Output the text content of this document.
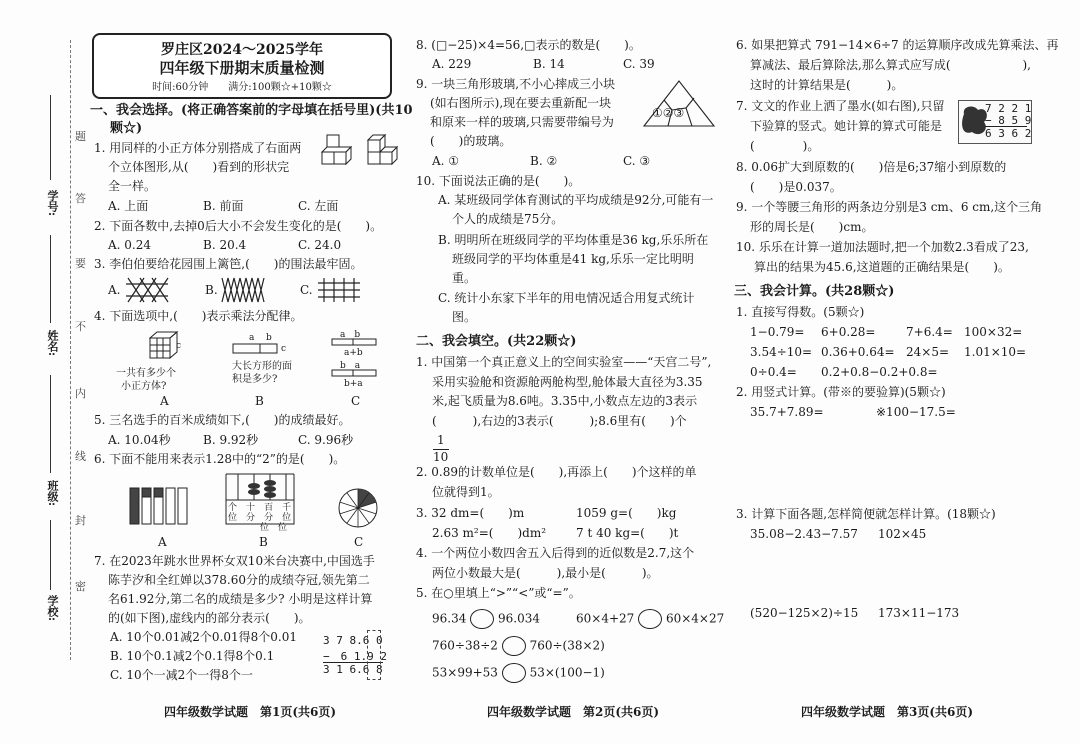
学号:
姓名:
班级:
学校:
题
答
要
不
内
线
封
密
罗庄区2024～2025学年
四年级下册期末质量检测
时间:60分钟　　满分:100颗☆+10颗☆
一、我会选择。(将正确答案前的字母填在括号里)(共10
颗☆)
1. 用同样的小正方体分别搭成了右面两
个立体图形,从(　　)看到的形状完
全一样。
A. 上面	B. 前面	C. 左面
2. 下面各数中,去掉0后大小不会发生变化的是(　　)。
A. 0.24	B. 20.4	C. 24.0
3. 李伯伯要给花园围上篱笆,(　　)的围法最牢固。
A.	B.	C.
4. 下面选项中,(　　)表示乘法分配律。
c
一共有多少个
小正方体?
a b
c
大长方形的面
积是多少?
a　b
a+b
b　a
b+a
A	B	C
5. 三名选手的百米成绩如下,(　　)的成绩最好。
A. 10.04秒	B. 9.92秒	C. 9.96秒
6. 下面不能用来表示1.28中的“2”的是(　　)。
个　 十　 百　 千
位　 分　 分　 位
位　 位
A	B	C
7. 在2023年跳水世界杯女双10米台决赛中,中国选手
陈芋汐和全红婵以378.60分的成绩夺冠,领先第二
名61.92分,第二名的成绩是多少? 小明是这样计算
的(如下图),虚线内的部分表示(　　)。
A. 10个0.01减2个0.01得8个0.01
B. 10个0.1减2个0.1得8个0.1
C. 10个一减2个一得8个一
3 7 8.6 0
−　6 1.9 2
3 1 6.6 8
四年级数学试题　第1页(共6页)
8. (□−25)×4=56,□表示的数是(　　)。
A. 229	B. 14	C. 39
9. 一块三角形玻璃,不小心摔成三小块
(如右图所示),现在要去重新配一块
和原来一样的玻璃,只需要带编号为
(　　)的玻璃。
①②③
A. ①	B. ②	C. ③
10. 下面说法正确的是(　　)。
A. 某班级同学体育测试的平均成绩是92分,可能有一
个人的成绩是75分。
B. 明明所在班级同学的平均体重是36 kg,乐乐所在
班级同学的平均体重是41 kg,乐乐一定比明明
重。
C. 统计小东家下半年的用电情况适合用复式统计
图。
二、我会填空。(共22颗☆)
1. 中国第一个真正意义上的空间实验室——“天宫二号”,
采用实验舱和资源舱两舱构型,舱体最大直径为3.35
米,起飞质量为8.6吨。3.35中,小数点左边的3表示
(　　　),右边的3表示(　　　);8.6里有(　　)个
1
10
2. 0.89的计数单位是(　　),再添上(　　)个这样的单
位就得到1。
3. 32 dm=(　　)m	1059 g=(　　)kg
2.63 m²=(　　)dm² 7 t 40 kg=(　　)t
4. 一个两位小数四舍五入后得到的近似数是2.7,这个
两位小数最大是(　　　),最小是(　　　)。
5. 在○里填上“>”“<”或“=”。
96.34	96.034	60×4+27	60×4×27
760÷38÷2	760÷(38×2)
53×99+53	53×(100−1)
四年级数学试题　第2页(共6页)
6. 如果把算式 791−14×6÷7 的运算顺序改成先算乘法、再
算减法、最后算除法,那么算式应写成(　　　　　　),
这时的计算结果是(　　　)。
7. 文文的作业上洒了墨水(如右图),只留
下验算的竖式。她计算的算式可能是
(　　　　)。
7 2 2 1
− 8 5 9
6 3 6 2
8. 0.06扩大到原数的(　　)倍是6;37缩小到原数的
(　　)是0.037。
9. 一个等腰三角形的两条边分别是3 cm、6 cm,这个三角
形的周长是(　　)cm。
10. 乐乐在计算一道加法题时,把一个加数2.3看成了23,
算出的结果为45.6,这道题的正确结果是(　　)。
三、我会计算。(共28颗☆)
1. 直接写得数。(5颗☆)
1−0.79= 6+0.28=	7+6.4= 100×32=
3.54÷10= 0.36+0.64= 24×5= 1.01×10=
0÷0.4= 0.2+0.8−0.2+0.8=
2. 用竖式计算。(带※的要验算)(5颗☆)
35.7+7.89=	※100−17.5=
3. 计算下面各题,怎样简便就怎样计算。(18颗☆)
35.08−2.43−7.57 102×45
(520−125×2)÷15 173×11−173
四年级数学试题　第3页(共6页)
